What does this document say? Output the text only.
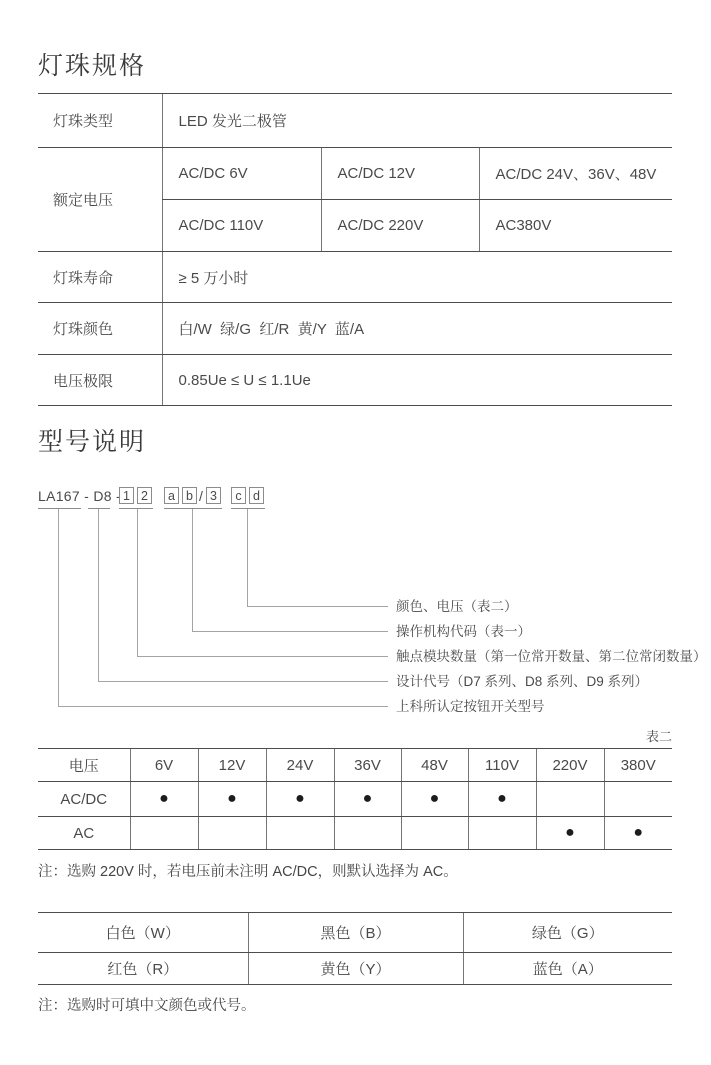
灯珠规格
灯珠类型	LED 发光二极管		
额定电压	AC/DC 6V	AC/DC 12V	AC/DC 24V、36V、48V
	AC/DC 110V	AC/DC 220V	AC380V
灯珠寿命	≥ 5 万小时		
灯珠颜色	白/W  绿/G  红/R  黄/Y  蓝/A		
电压极限	0.85Ue ≤ U ≤ 1.1Ue		
型号说明
LA167 - D8 - 1 2	a b / 3	c d
颜色、电压（表二）
操作机构代码（表一）
触点模块数量（第一位常开数量、第二位常闭数量）
设计代号（D7 系列、D8 系列、D9 系列）
上科所认定按钮开关型号
表二
电压	6V	12V	24V	36V	48V	110V	220V	380V
AC/DC	●	●	●	●	●	●		
AC							●	●
注：选购 220V 时，若电压前未注明 AC/DC，则默认选择为 AC。
白色（W）	黑色（B）	绿色（G）
红色（R）	黄色（Y）	蓝色（A）
注：选购时可填中文颜色或代号。
